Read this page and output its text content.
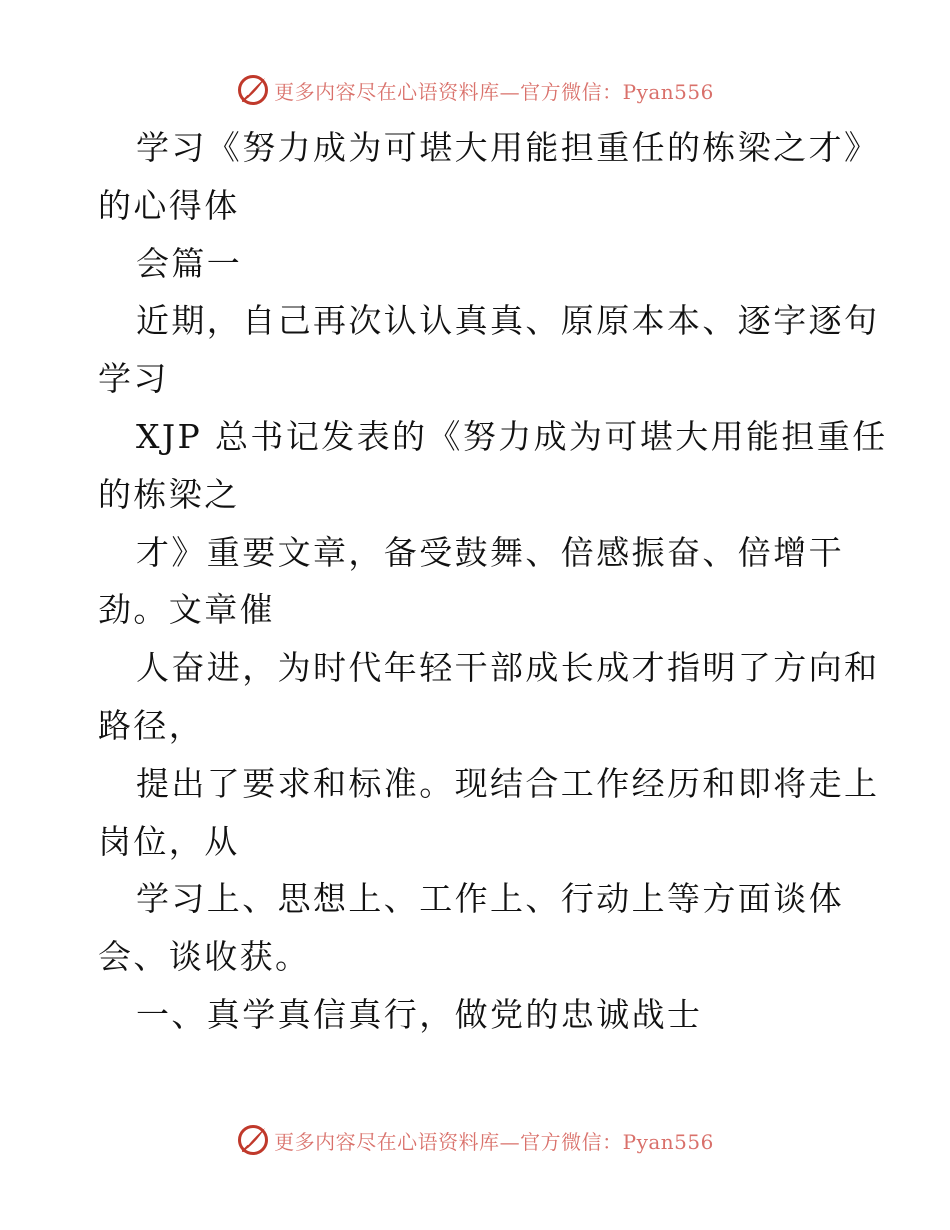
更多内容尽在心语资料库—官方微信：Pyan556
学习《努力成为可堪大用能担重任的栋梁之才》
的心得体
会篇一
近期，自己再次认认真真、原原本本、逐字逐句
学习
XJP 总书记发表的《努力成为可堪大用能担重任
的栋梁之
才》重要文章，备受鼓舞、倍感振奋、倍增干
劲。文章催
人奋进，为时代年轻干部成长成才指明了方向和
路径，
提出了要求和标准。现结合工作经历和即将走上
岗位，从
学习上、思想上、工作上、行动上等方面谈体
会、谈收获。
一、真学真信真行，做党的忠诚战士
更多内容尽在心语资料库—官方微信：Pyan556
